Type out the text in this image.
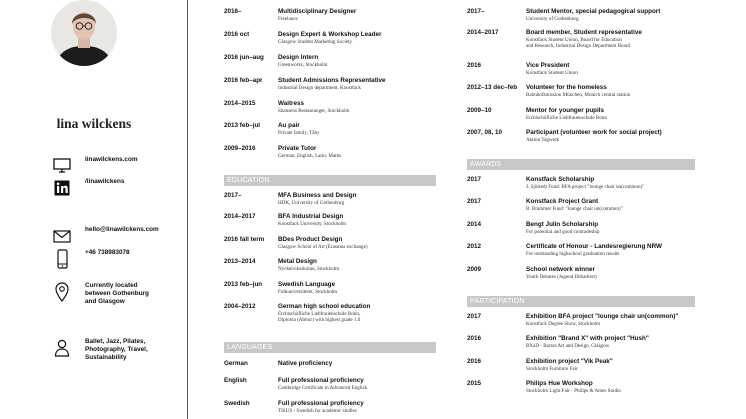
lina wilckens
linawilckens.com
/linawilckens
hello@linawilckens.com
+46 738983078
Currently located
between Gothenburg
and Glasgow
Ballet, Jazz, Pilates,
Photography, Travel,
Sustainability
2016–	Multidisciplinary Designer
Freelance
2016 oct	Design Expert & Workshop Leader
Glasgow Student Marketing Society
2016 jun–aug	Design Intern
Greenworks, Stockholm
2016 feb–apr	Student Admissions Representative
Industrial Design department, Konstfack
2014–2015	Waitress
Skansens Restauranger, Stockholm
2013 feb–jul	Au pair
Private family, Täby
2009–2016	Private Tutor
German, English, Latin, Maths
EDUCATION
2017–	MFA Business and Design
HDK, University of Gothenburg
2014–2017	BFA Industrial Design
Konstfack University, Stockholm
2016 fall term	BDes Product Design
Glasgow School of Art (Erasmus exchange)
2013–2014	Metal Design
Nyckelviksskolan, Stockholm
2013 feb–jun	Swedish Language
Folkuniversitetet, Stockholm
2004–2012	German high school education
Erzbischöfliche Liebfrauenschule Bonn,
Diploma (Abitur) with highest grade 1.0
LANGUAGES
German	Native proficiency
English	Full professional proficiency
Cambridge Certificate in Advanced English
Swedish	Full professional proficiency
TISUS - Swedish for academic studies
2017–	Student Mentor, special pedagogical support
University of Gothenburg
2014–2017	Board member, Student representative
Konstfack Student Union, Board for Education
and Research, Industrial Design Department Board
2016	Vice President
Konstfack Student Union
2012–13 dec–feb	Volunteer for the homeless
Bahnhofsmission München, Munich central station
2009–10	Mentor for younger pupils
Erzbischöfliche Liebfrauenschule Bonn
2007, 08, 10	Participant (volunteer work for social project)
Aktion Tagwerk
AWARDS
2017	Konstfack Scholarship
J. Sjöstedt Fund: BFA project "lounge chair un(common)"
2017	Konstfack Project Grant
B. Brammer Fund: "lounge chair un(common)"
2014	Bengt Julin Scholarship
For potential and good comradeship
2012	Certificate of Honour - Landesregierung NRW
For outstanding highschool graduation results
2009	School network winner
Youth Debates (Jugend Debattiert)
PARTICIPATION
2017	Exhibition BFA project "lounge chair un(common)"
Konstfack Degree Show, Stockholm
2016	Exhibition "Brand X" with project "Hush"
BXaD - Barras Art and Design, Glasgow
2016	Exhibition project "Vik Peak"
Stockholm Furniture Fair
2015	Philips Hue Workshop
Stockholm Light Fair - Philips & Ames Studio
